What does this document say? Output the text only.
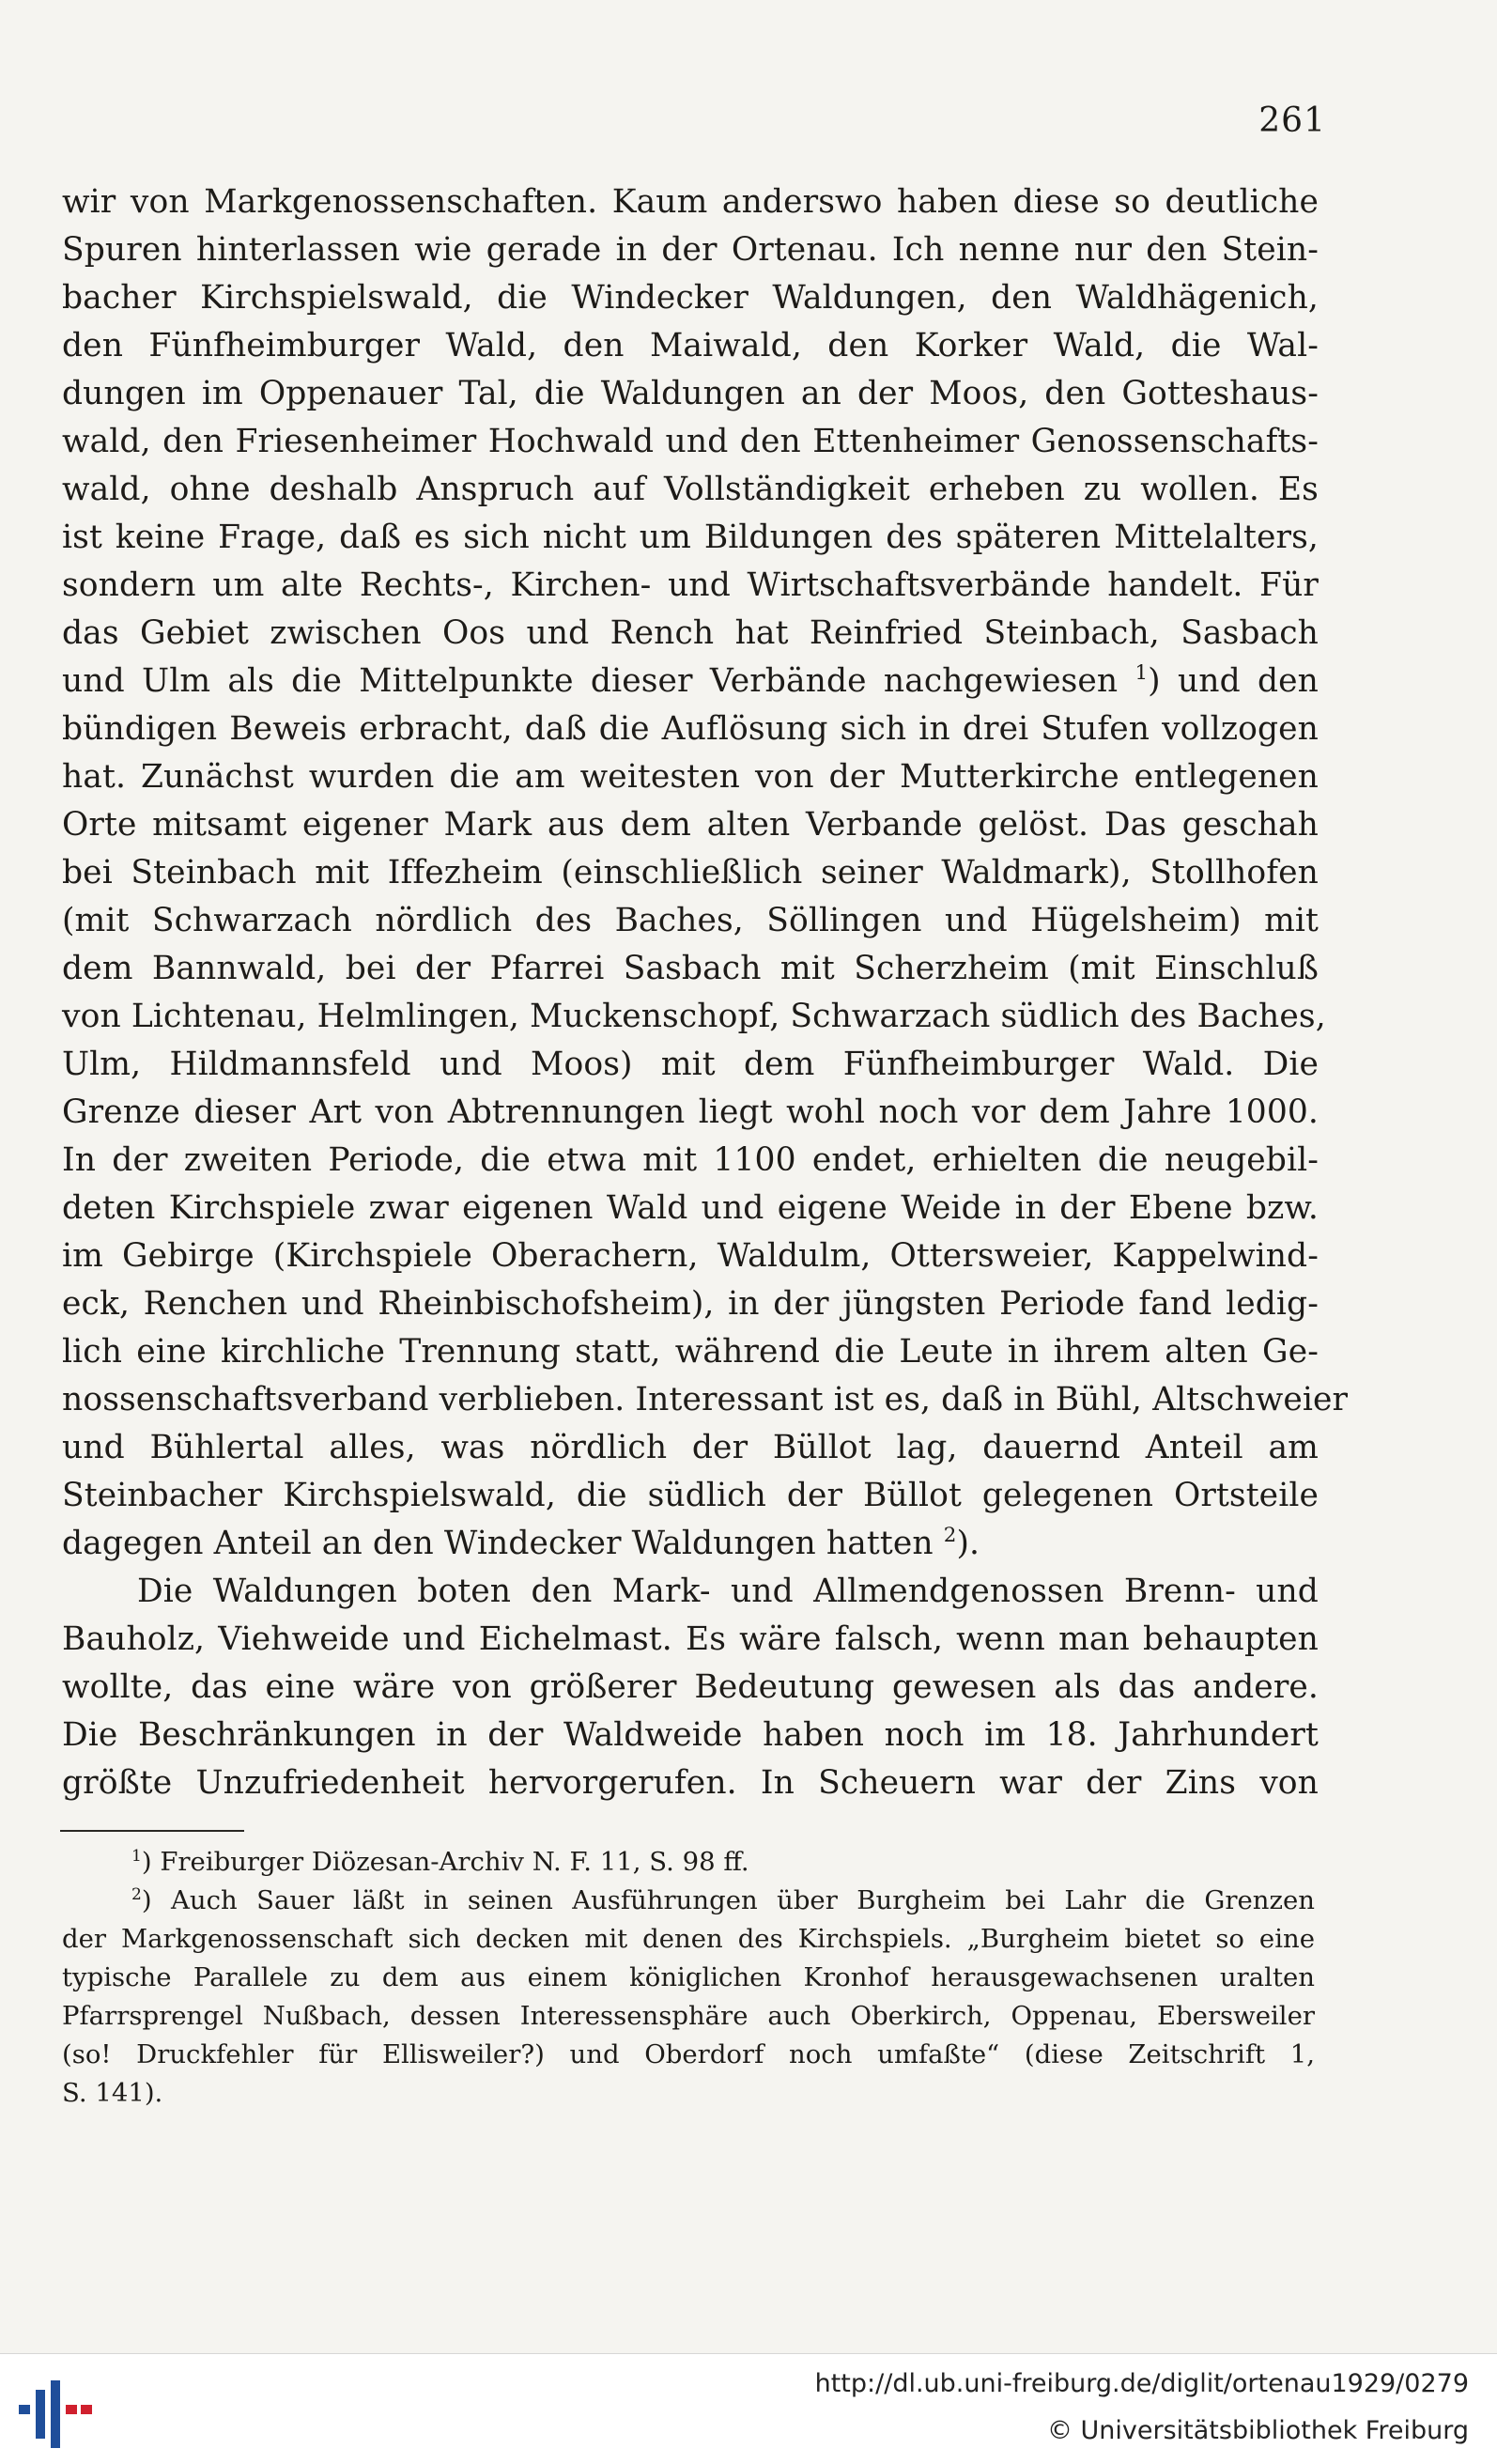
261
wir von Markgenossenschaften. Kaum anderswo haben diese so deutliche
Spuren hinterlassen wie gerade in der Ortenau. Ich nenne nur den Stein-
bacher Kirchspielswald, die Windecker Waldungen, den Waldhägenich,
den Fünfheimburger Wald, den Maiwald, den Korker Wald, die Wal-
dungen im Oppenauer Tal, die Waldungen an der Moos, den Gotteshaus-
wald, den Friesenheimer Hochwald und den Ettenheimer Genossenschafts-
wald, ohne deshalb Anspruch auf Vollständigkeit erheben zu wollen. Es
ist keine Frage, daß es sich nicht um Bildungen des späteren Mittelalters,
sondern um alte Rechts-, Kirchen- und Wirtschaftsverbände handelt. Für
das Gebiet zwischen Oos und Rench hat Reinfried Steinbach, Sasbach
und Ulm als die Mittelpunkte dieser Verbände nachgewiesen $^1$) und den
bündigen Beweis erbracht, daß die Auflösung sich in drei Stufen vollzogen
hat. Zunächst wurden die am weitesten von der Mutterkirche entlegenen
Orte mitsamt eigener Mark aus dem alten Verbande gelöst. Das geschah
bei Steinbach mit Iffezheim (einschließlich seiner Waldmark), Stollhofen
(mit Schwarzach nördlich des Baches, Söllingen und Hügelsheim) mit
dem Bannwald, bei der Pfarrei Sasbach mit Scherzheim (mit Einschluß
von Lichtenau, Helmlingen, Muckenschopf, Schwarzach südlich des Baches,
Ulm, Hildmannsfeld und Moos) mit dem Fünfheimburger Wald. Die
Grenze dieser Art von Abtrennungen liegt wohl noch vor dem Jahre 1000.
In der zweiten Periode, die etwa mit 1100 endet, erhielten die neugebil-
deten Kirchspiele zwar eigenen Wald und eigene Weide in der Ebene bzw.
im Gebirge (Kirchspiele Oberachern, Waldulm, Ottersweier, Kappelwind-
eck, Renchen und Rheinbischofsheim), in der jüngsten Periode fand ledig-
lich eine kirchliche Trennung statt, während die Leute in ihrem alten Ge-
nossenschaftsverband verblieben. Interessant ist es, daß in Bühl, Altschweier
und Bühlertal alles, was nördlich der Büllot lag, dauernd Anteil am
Steinbacher Kirchspielswald, die südlich der Büllot gelegenen Ortsteile
dagegen Anteil an den Windecker Waldungen hatten $^2$).
Die Waldungen boten den Mark- und Allmendgenossen Brenn- und
Bauholz, Viehweide und Eichelmast. Es wäre falsch, wenn man behaupten
wollte, das eine wäre von größerer Bedeutung gewesen als das andere.
Die Beschränkungen in der Waldweide haben noch im 18. Jahrhundert
größte Unzufriedenheit hervorgerufen. In Scheuern war der Zins von
$^1$) Freiburger Diözesan-Archiv N. F. 11, S. 98 ff.
$^2$) Auch Sauer läßt in seinen Ausführungen über Burgheim bei Lahr die Grenzen
der Markgenossenschaft sich decken mit denen des Kirchspiels. „Burgheim bietet so eine
typische Parallele zu dem aus einem königlichen Kronhof herausgewachsenen uralten
Pfarrsprengel Nußbach, dessen Interessensphäre auch Oberkirch, Oppenau, Ebersweiler
(so! Druckfehler für Ellisweiler?) und Oberdorf noch umfaßte“ (diese Zeitschrift 1,
S. 141).
http://dl.ub.uni-freiburg.de/diglit/ortenau1929/0279
© Universitätsbibliothek Freiburg
